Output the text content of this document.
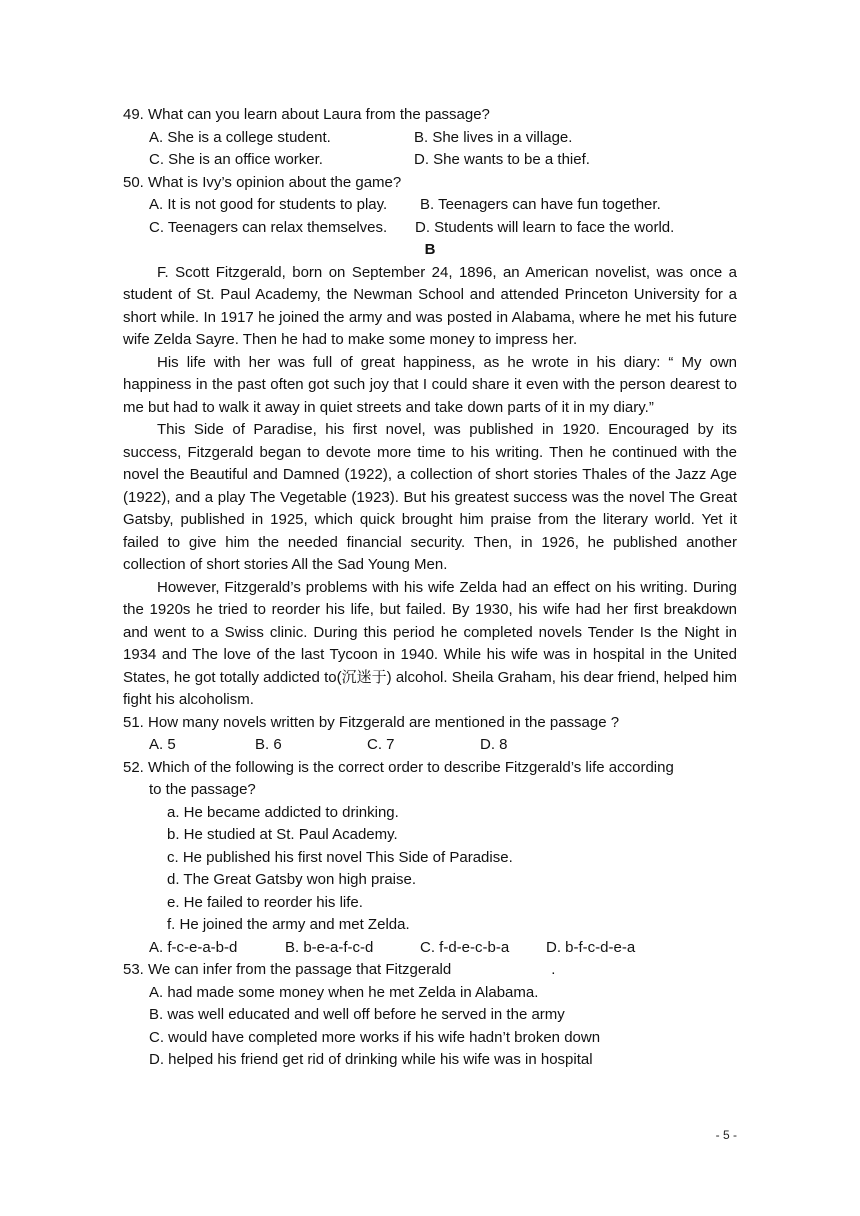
49. What can you learn about Laura from the passage?
A. She is a college student.	B. She lives in a village.
C. She is an office worker.	D. She wants to be a thief.
50. What is Ivy’s opinion about the game?
A. It is not good for students to play. B. Teenagers can have fun together.
C. Teenagers can relax themselves. D. Students will learn to face the world.
B

F. Scott Fitzgerald, born on September 24, 1896, an American novelist, was once a student of St. Paul Academy, the Newman School and attended Princeton University for a short while. In 1917 he joined the army and was posted in Alabama, where he met his future wife Zelda Sayre. Then he had to make some money to impress her.

His life with her was full of great happiness, as he wrote in his diary: “ My own happiness in the past often got such joy that I could share it even with the person dearest to me but had to walk it away in quiet streets and take down parts of it in my diary.”

This Side of Paradise, his first novel, was published in 1920. Encouraged by its success, Fitzgerald began to devote more time to his writing. Then he continued with the novel the Beautiful and Damned (1922), a collection of short stories Thales of the Jazz Age (1922), and a play The Vegetable (1923). But his greatest success was the novel The Great Gatsby, published in 1925, which quick brought him praise from the literary world. Yet it failed to give him the needed financial security. Then, in 1926, he published another collection of short stories All the Sad Young Men.

However, Fitzgerald’s problems with his wife Zelda had an effect on his writing. During the 1920s he tried to reorder his life, but failed. By 1930, his wife had her first breakdown and went to a Swiss clinic. During this period he completed novels Tender Is the Night in 1934 and The love of the last Tycoon in 1940. While his wife was in hospital in the United States, he got totally addicted to(沉迷于) alcohol. Sheila Graham, his dear friend, helped him fight his alcoholism.

51. How many novels written by Fitzgerald are mentioned in the passage ?
A. 5	B. 6	C. 7	D. 8
52. Which of the following is the correct order to describe Fitzgerald’s life according
to the passage?
a. He became addicted to drinking.
b. He studied at St. Paul Academy.
c. He published his first novel This Side of Paradise.
d. The Great Gatsby won high praise.
e. He failed to reorder his life.
f. He joined the army and met Zelda.
A. f-c-e-a-b-d	B. b-e-a-f-c-d	C. f-d-e-c-b-a D. b-f-c-d-e-a
53. We can infer from the passage that Fitzgerald	.
A. had made some money when he met Zelda in Alabama.
B. was well educated and well off before he served in the army
C. would have completed more works if his wife hadn’t broken down
D. helped his friend get rid of drinking while his wife was in hospital
- 5 -
